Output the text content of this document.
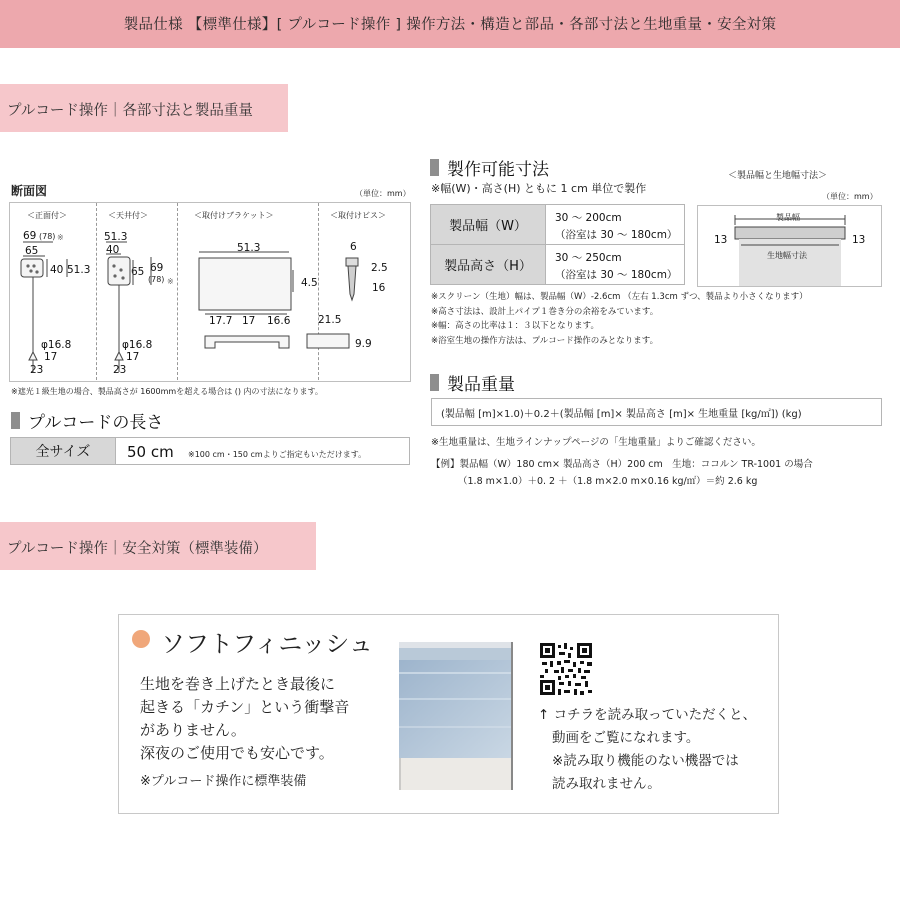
製品仕様 【標準仕様】[ プルコード操作 ] 操作方法・構造と部品・各部寸法と生地重量・安全対策
プルコード操作｜各部寸法と製品重量
断面図	（単位：mm）
＜正面付＞	＜天井付＞	＜取付けブラケット＞	＜取付けビス＞
69 (78) ※
65
40 51.3
φ16.8
17
23
51.3
40
65 69
(78) ※
φ16.8
17
23
51.3
4.5
17.7 17 16.6	21.5
9.9
6
2.5
16
※遮光１級生地の場合、製品高さが 1600mmを超える場合は () 内の寸法になります。
プルコードの長さ
全サイズ	50 cm ※100 cm・150 cmよりご指定もいただけます。
製作可能寸法
※幅(W)・高さ(H) ともに 1 cm 単位で製作
製品幅（W）
30 ～ 200cm
（浴室は 30 ～ 180cm）
製品高さ（H）
30 ～ 250cm
（浴室は 30 ～ 180cm）
＜製品幅と生地幅寸法＞
（単位：mm）
製品幅
生地幅寸法
13	13
※スクリーン（生地）幅は、製品幅（W）-2.6cm （左右 1.3cm ずつ、製品より小さくなります）
※高さ寸法は、設計上パイプ１巻き分の余裕をみています。
※幅：高さの比率は１：３以下となります。
※浴室生地の操作方法は、プルコード操作のみとなります。
製品重量
(製品幅 [m]×1.0)＋0.2＋(製品幅 [m]× 製品高さ [m]× 生地重量 [kg/㎡]) (kg)
※生地重量は、生地ラインナップページの「生地重量」よりご確認ください。
【例】製品幅（W）180 cm× 製品高さ（H）200 cm　生地：ココルン TR-1001 の場合
（1.8 m×1.0）＋0. 2 ＋（1.8 m×2.0 m×0.16 kg/㎡）＝約 2.6 kg
プルコード操作｜安全対策（標準装備）
ソフトフィニッシュ
生地を巻き上げたとき最後に
起きる「カチン」という衝撃音
がありません。
深夜のご使用でも安心です。
※プルコード操作に標準装備
↑ コチラを読み取っていただくと、
動画をご覧になれます。
※読み取り機能のない機器では
読み取れません。
